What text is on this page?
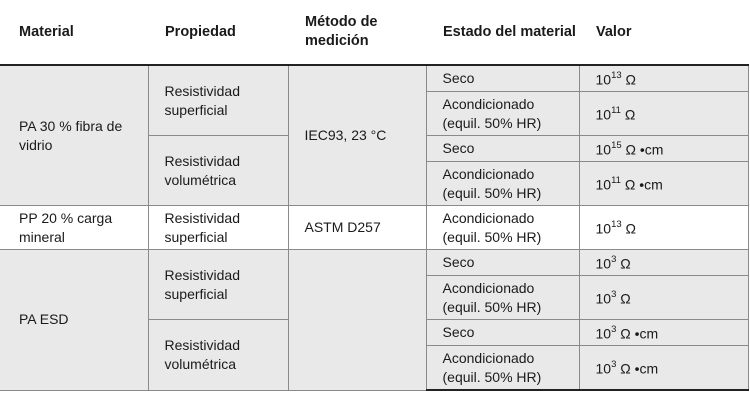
Material	Propiedad	Método de medición	Estado del material	Valor
PA 30 % fibra de vidrio	Resistividad superficial	IEC93, 23 °C	Seco	$10^{13}$ Ω
			Acondicionado (equil. 50% HR)	$10^{11}$ Ω
	Resistividad volumétrica		Seco	$10^{15}$ Ω •cm
			Acondicionado (equil. 50% HR)	$10^{11}$ Ω •cm
PP 20 % carga mineral	Resistividad superficial	ASTM D257	Acondicionado (equil. 50% HR)	$10^{13}$ Ω
PA ESD	Resistividad superficial		Seco	$10^3$ Ω
			Acondicionado (equil. 50% HR)	$10^3$ Ω
	Resistividad volumétrica		Seco	$10^3$ Ω •cm
			Acondicionado (equil. 50% HR)	$10^3$ Ω •cm
